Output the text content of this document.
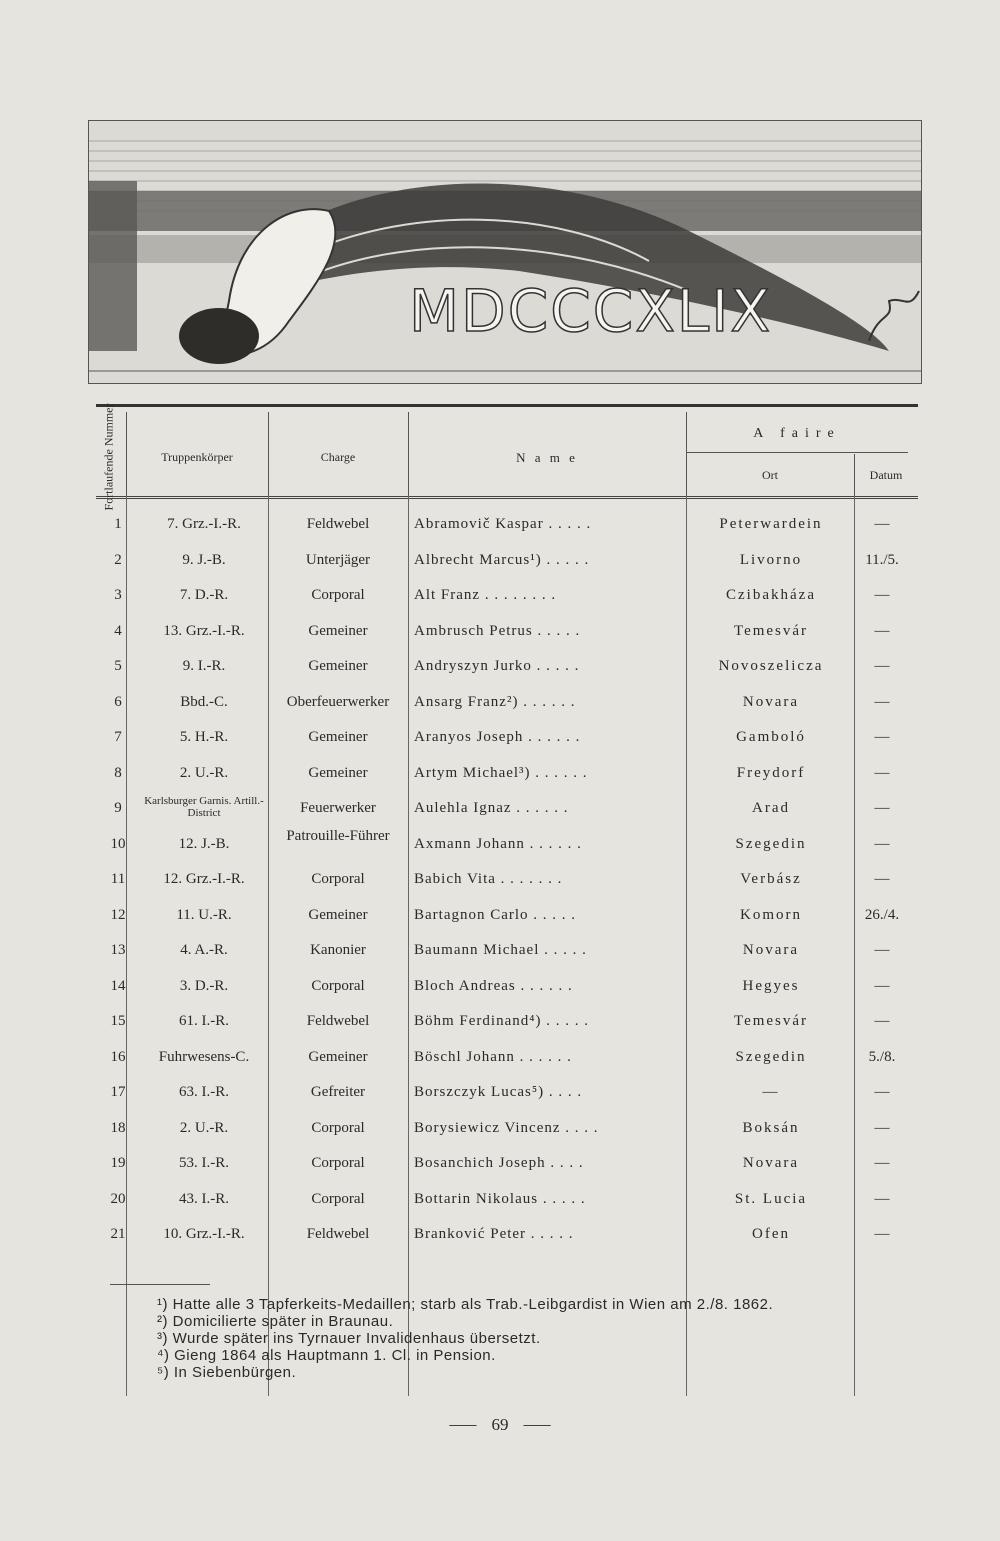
MDCCCXLIX
Fortlaufende Nummer	Truppenkörper	Charge	N a m e
A faire
Ort	Datum
1	7. Grz.-I.-R.	Feldwebel	Abramovič Kaspar . . . . .	Peterwardein	—
2	9. J.-B.	Unterjäger	Albrecht Marcus¹) . . . . .	Livorno	11./5.
3	7. D.-R.	Corporal	Alt Franz . . . . . . . .	Czibakháza	—
4	13. Grz.-I.-R.	Gemeiner	Ambrusch Petrus . . . . .	Temesvár	—
5	9. I.-R.	Gemeiner	Andryszyn Jurko . . . . .	Novoszelicza	—
6	Bbd.-C.	Oberfeuerwerker	Ansarg Franz²) . . . . . .	Novara	—
7	5. H.-R.	Gemeiner	Aranyos Joseph . . . . . .	Gamboló	—
8	2. U.-R.	Gemeiner	Artym Michael³) . . . . . .	Freydorf	—
9	Karlsburger Garnis. Artill.-District	Feuerwerker	Aulehla Ignaz . . . . . .	Arad	—
10	12. J.-B.	Patrouille-Führer	Axmann Johann . . . . . .	Szegedin	—
11	12. Grz.-I.-R.	Corporal	Babich Vita . . . . . . .	Verbász	—
12	11. U.-R.	Gemeiner	Bartagnon Carlo . . . . .	Komorn	26./4.
13	4. A.-R.	Kanonier	Baumann Michael . . . . .	Novara	—
14	3. D.-R.	Corporal	Bloch Andreas . . . . . .	Hegyes	—
15	61. I.-R.	Feldwebel	Böhm Ferdinand⁴) . . . . .	Temesvár	—
16	Fuhrwesens-C.	Gemeiner	Böschl Johann . . . . . .	Szegedin	5./8.
17	63. I.-R.	Gefreiter	Borszczyk Lucas⁵) . . . .	—	—
18	2. U.-R.	Corporal	Borysiewicz Vincenz . . . .	Boksán	—
19	53. I.-R.	Corporal	Bosanchich Joseph . . . .	Novara	—
20	43. I.-R.	Corporal	Bottarin Nikolaus . . . . .	St. Lucia	—
21	10. Grz.-I.-R.	Feldwebel	Branković Peter . . . . .	Ofen	—
¹) Hatte alle 3 Tapferkeits-Medaillen; starb als Trab.-Leibgardist in Wien am 2./8. 1862.
²) Domicilierte später in Braunau.
³) Wurde später ins Tyrnauer Invalidenhaus übersetzt.
⁴) Gieng 1864 als Hauptmann 1. Cl. in Pension.
⁵) In Siebenbürgen.
⸺ 69 ⸺
